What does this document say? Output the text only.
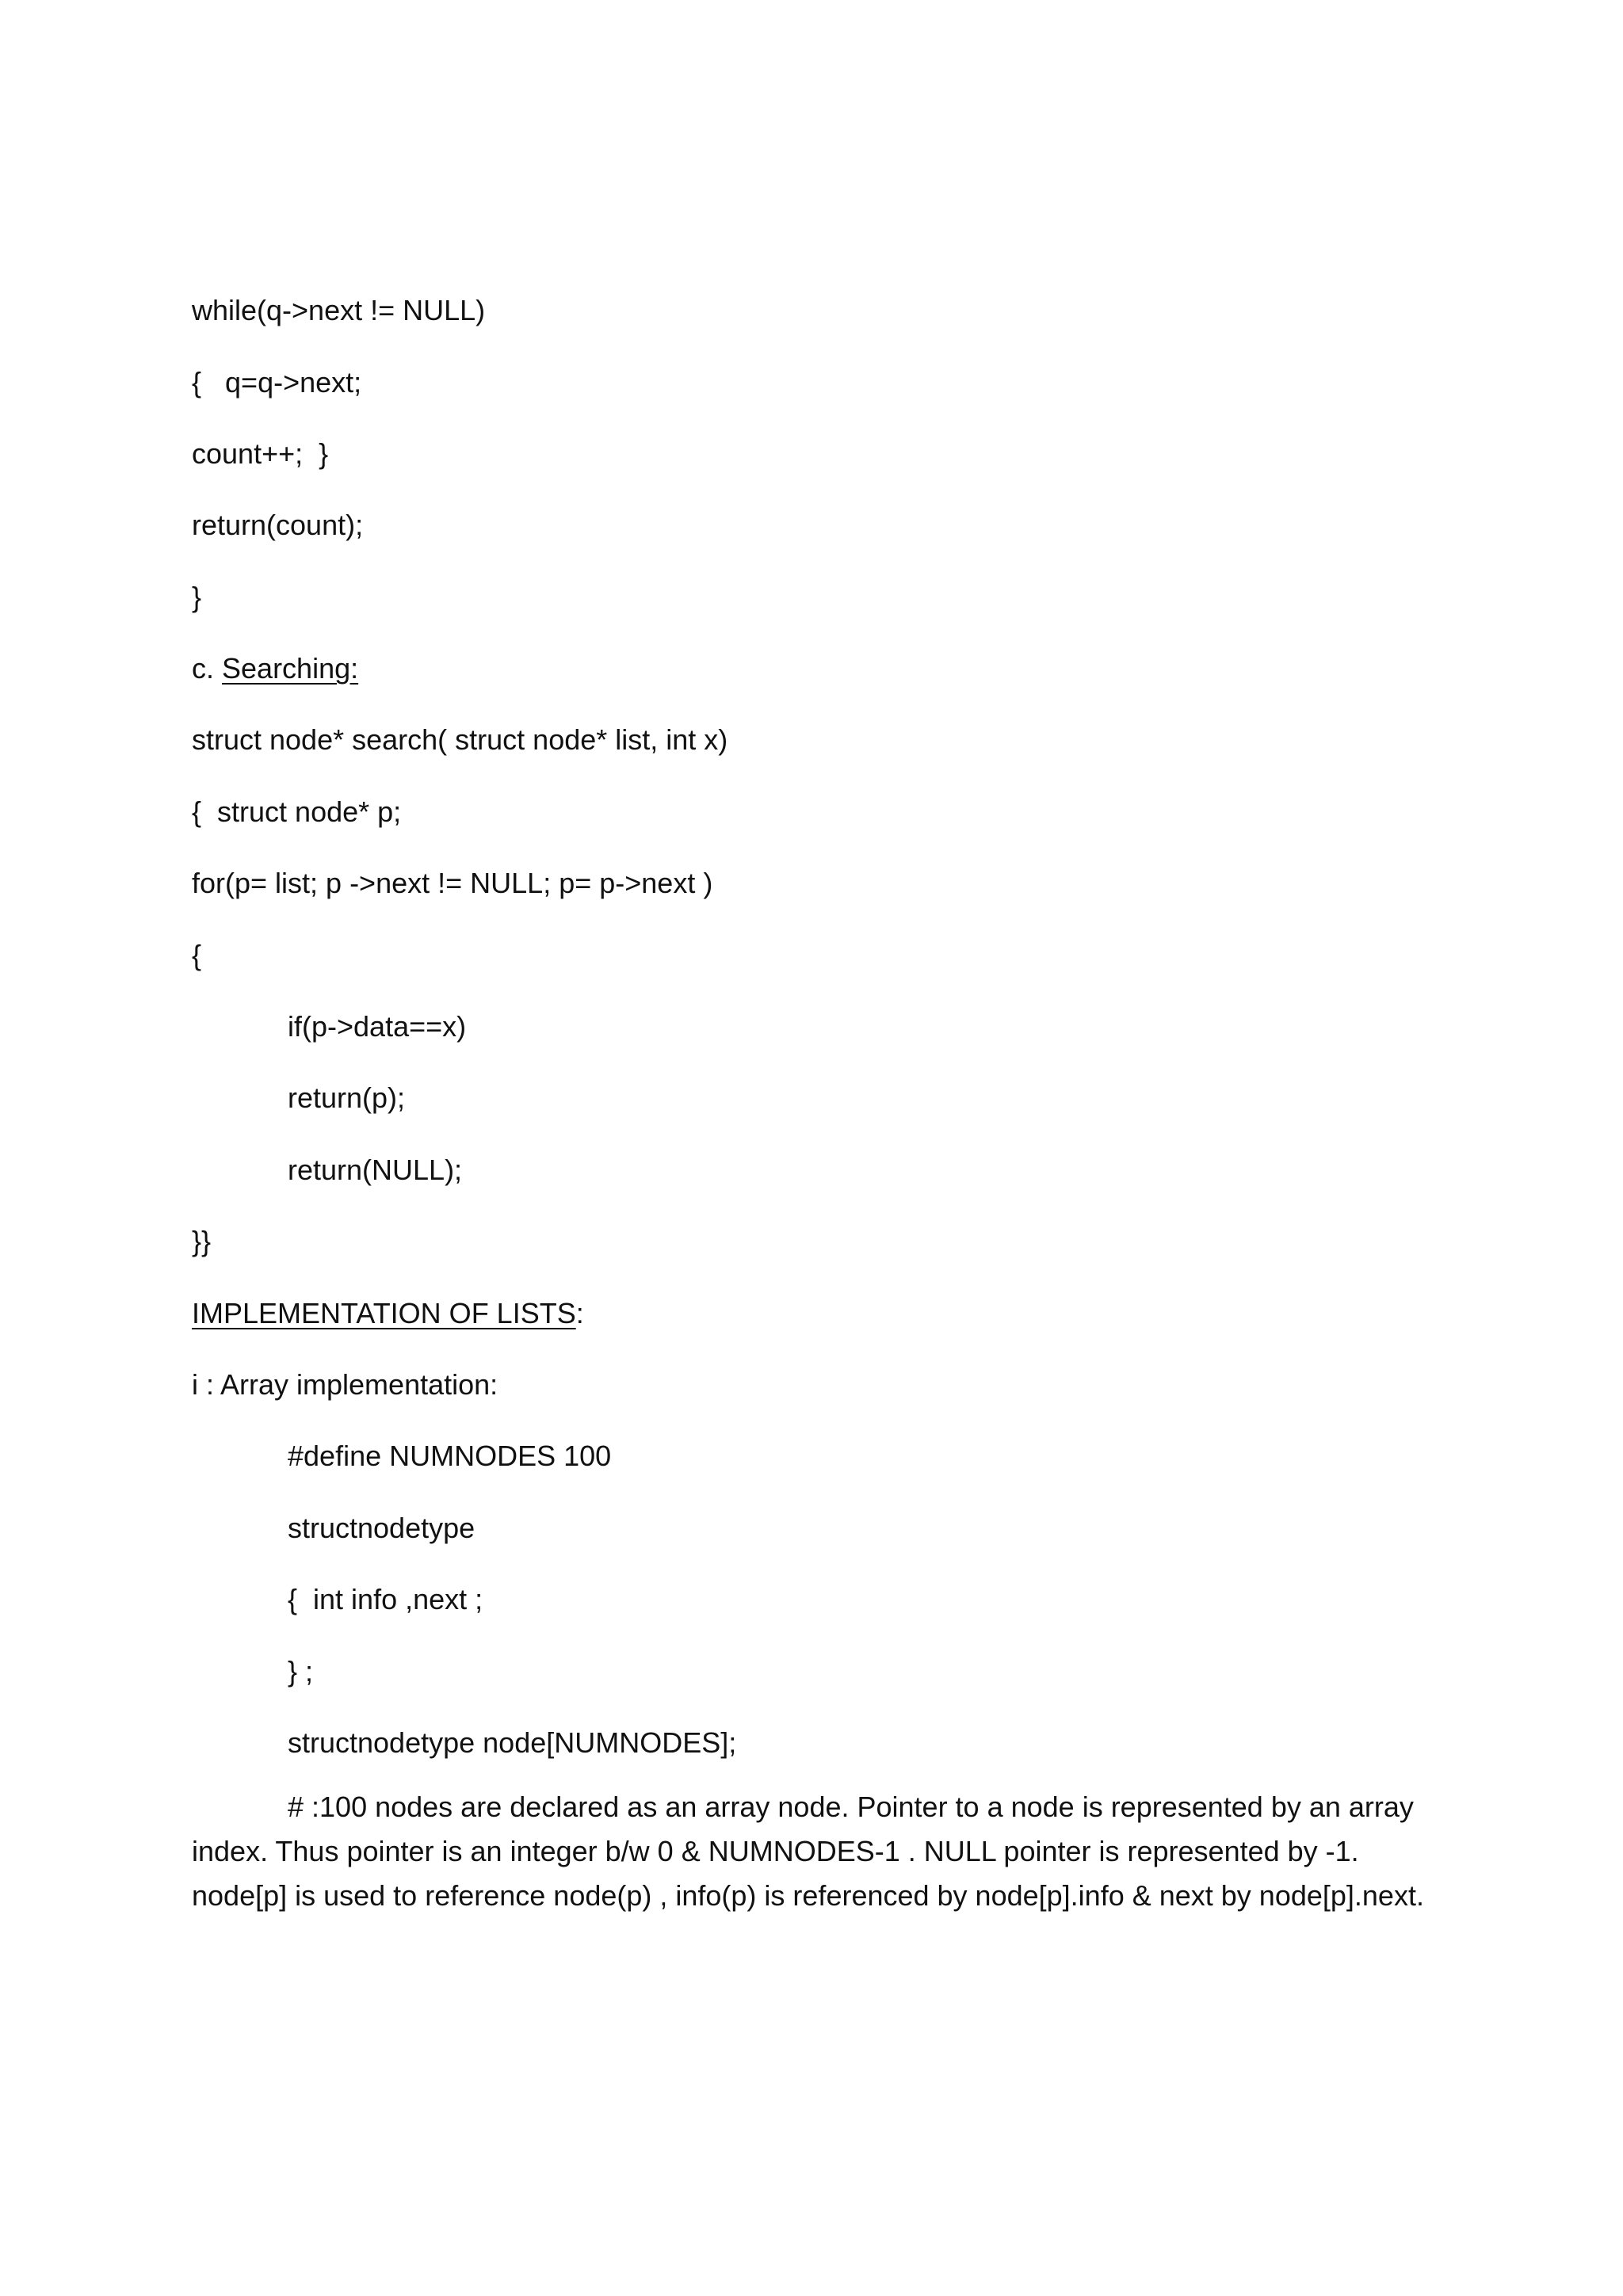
while(q->next != NULL)
{   q=q->next;
count++;  }
return(count);
}
c. Searching:
struct node* search( struct node* list, int x)
{  struct node* p;
for(p= list; p ->next != NULL; p= p->next )
{
if(p->data==x)
return(p);
return(NULL);
}}
IMPLEMENTATION OF LISTS:
i : Array implementation:
#define NUMNODES 100
structnodetype
{  int info ,next ;
} ;
structnodetype node[NUMNODES];

# :100 nodes are declared as an array node. Pointer to a node is represented by an array index. Thus pointer is an integer b/w 0 & NUMNODES-1 . NULL pointer is represented by -1. node[p] is used to reference node(p) , info(p) is referenced by node[p].info & next by node[p].next.
